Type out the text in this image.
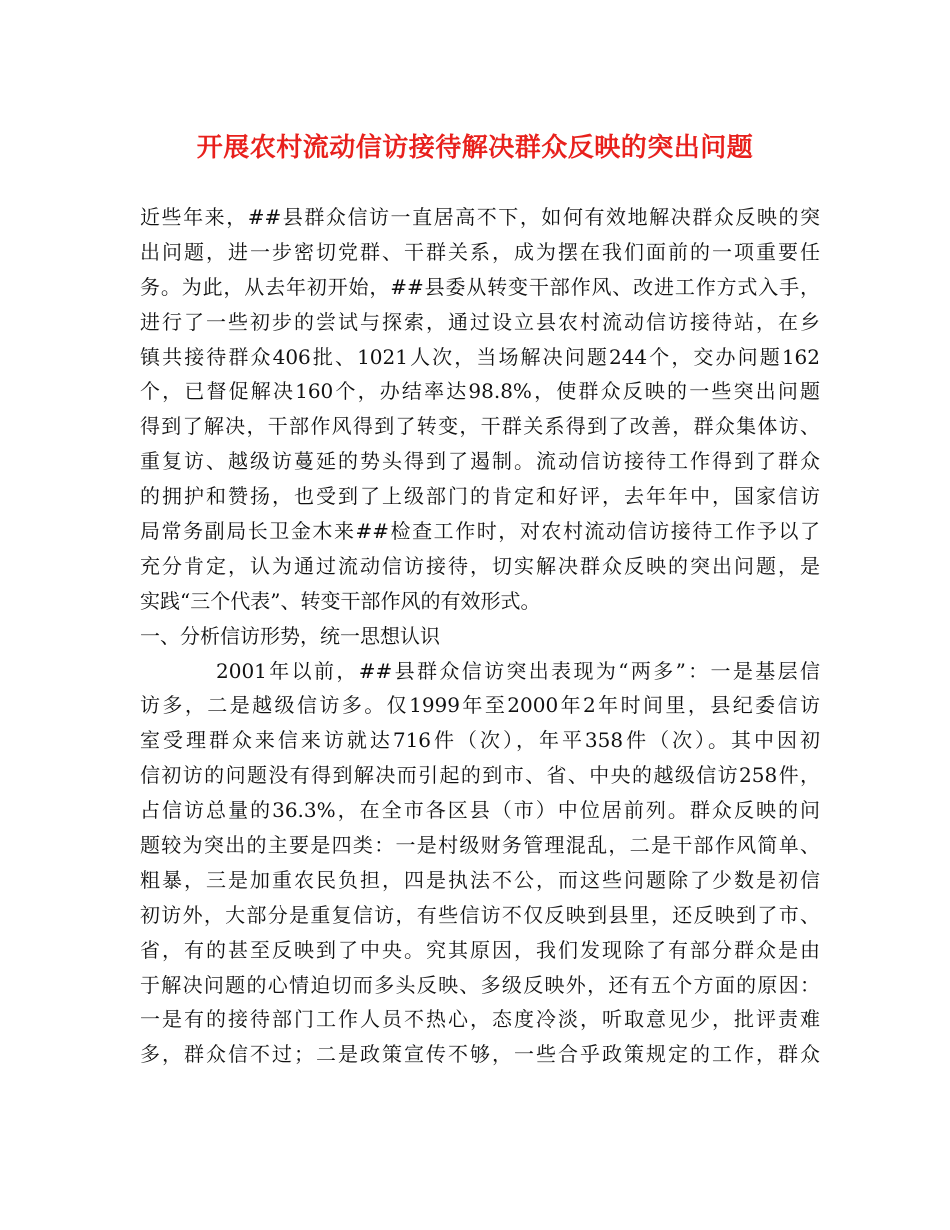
开展农村流动信访接待解决群众反映的突出问题
近些年来，##县群众信访一直居高不下，如何有效地解决群众反映的突
出问题，进一步密切党群、干群关系，成为摆在我们面前的一项重要任
务。为此，从去年初开始，##县委从转变干部作风、改进工作方式入手，
进行了一些初步的尝试与探索，通过设立县农村流动信访接待站，在乡
镇共接待群众406批、1021人次，当场解决问题244个，交办问题162
个，已督促解决160个，办结率达98.8%，使群众反映的一些突出问题
得到了解决，干部作风得到了转变，干群关系得到了改善，群众集体访、
重复访、越级访蔓延的势头得到了遏制。流动信访接待工作得到了群众
的拥护和赞扬，也受到了上级部门的肯定和好评，去年年中，国家信访
局常务副局长卫金木来##检查工作时，对农村流动信访接待工作予以了
充分肯定，认为通过流动信访接待，切实解决群众反映的突出问题，是
实践“三个代表”、转变干部作风的有效形式。
一、分析信访形势，统一思想认识
2001年以前，##县群众信访突出表现为“两多”：一是基层信
访多，二是越级信访多。仅1999年至2000年2年时间里，县纪委信访
室受理群众来信来访就达716件（次），年平358件（次）。其中因初
信初访的问题没有得到解决而引起的到市、省、中央的越级信访258件，
占信访总量的36.3%，在全市各区县（市）中位居前列。群众反映的问
题较为突出的主要是四类：一是村级财务管理混乱，二是干部作风简单、
粗暴，三是加重农民负担，四是执法不公，而这些问题除了少数是初信
初访外，大部分是重复信访，有些信访不仅反映到县里，还反映到了市、
省，有的甚至反映到了中央。究其原因，我们发现除了有部分群众是由
于解决问题的心情迫切而多头反映、多级反映外，还有五个方面的原因：
一是有的接待部门工作人员不热心，态度冷淡，听取意见少，批评责难
多，群众信不过；二是政策宣传不够，一些合乎政策规定的工作，群众
